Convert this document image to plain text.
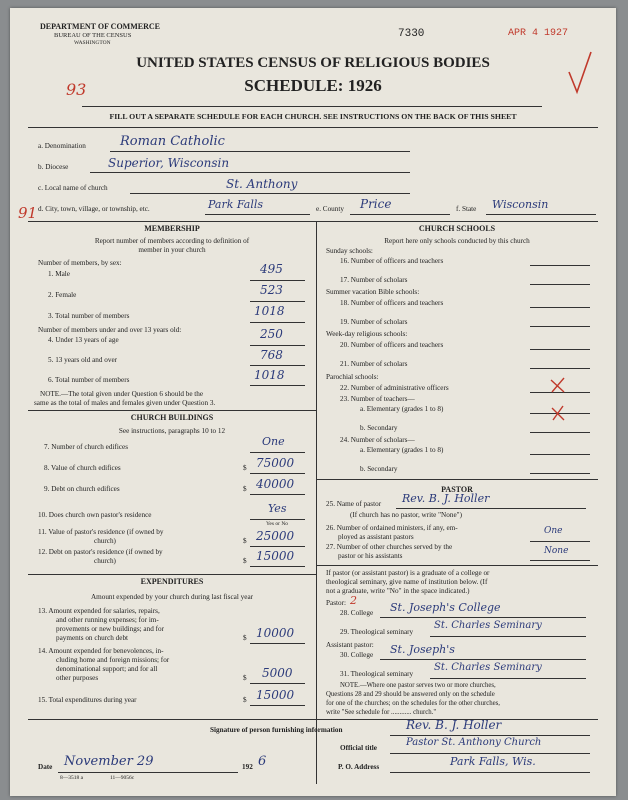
DEPARTMENT OF COMMERCE
BUREAU OF THE CENSUS
WASHINGTON
7330	APR 4 1927
93
UNITED STATES CENSUS OF RELIGIOUS BODIES
SCHEDULE: 1926
FILL OUT A SEPARATE SCHEDULE FOR EACH CHURCH. SEE INSTRUCTIONS ON THE BACK OF THIS SHEET
a. Denomination	Roman Catholic
b. Diocese	Superior, Wisconsin
c. Local name of church	St. Anthony
91 d. City, town, village, or township, etc.	Park Falls	e. County Price	f. State Wisconsin
MEMBERSHIP
Report number of members according to definition of
member in your church
Number of members, by sex:
1. Male	495
2. Female	523
3. Total number of members	1018
Number of members under and over 13 years old:
4. Under 13 years of age	250
5. 13 years old and over	768
6. Total number of members	1018
NOTE.—The total given under Question 6 should be the
same as the total of males and females given under Question 3.
CHURCH BUILDINGS
See instructions, paragraphs 10 to 12
7. Number of church edifices	One
8. Value of church edifices	$ 75000
9. Debt on church edifices	$ 40000
10. Does church own pastor's residence	Yes
Yes or No
11. Value of pastor's residence (if owned by
church)	$ 25000
12. Debt on pastor's residence (if owned by
church)	$ 15000
EXPENDITURES
Amount expended by your church during last fiscal year
13. Amount expended for salaries, repairs,
and other running expenses; for im-
provements or new buildings; and for
payments on church debt	$ 10000
14. Amount expended for benevolences, in-
cluding home and foreign missions; for
denominational support; and for all
other purposes	$ 5000
15. Total expenditures during year	$ 15000
CHURCH SCHOOLS
Report here only schools conducted by this church
Sunday schools:
16. Number of officers and teachers
17. Number of scholars
Summer vacation Bible schools:
18. Number of officers and teachers
19. Number of scholars
Week-day religious schools:
20. Number of officers and teachers
21. Number of scholars
Parochial schools:
22. Number of administrative officers
23. Number of teachers—
a. Elementary (grades 1 to 8)
b. Secondary
24. Number of scholars—
a. Elementary (grades 1 to 8)
b. Secondary
PASTOR
25. Name of pastor Rev. B. J. Holler
(If church has no pastor, write "None")
26. Number of ordained ministers, if any, em-
ployed as assistant pastors
One
27. Number of other churches served by the
pastor or his assistants	None
If pastor (or assistant pastor) is a graduate of a college or
theological seminary, give name of institution below. (If
not a graduate, write "No" in the space indicated.)
Pastor: 2
28. College St. Joseph's College
29. Theological seminary
St. Charles Seminary
Assistant pastor:
30. College St. Joseph's
31. Theological seminary
St. Charles Seminary
NOTE.—Where one pastor serves two or more churches,
Questions 28 and 29 should be answered only on the schedule
for one of the churches; on the schedules for the other churches,
write "See schedule for ............ church."
Signature of person furnishing information	Rev. B. J. Holler
Official title	Pastor St. Anthony Church
Date November 29	192 6	P. O. Address	Park Falls, Wis.
8—3518 a	11—9056c
